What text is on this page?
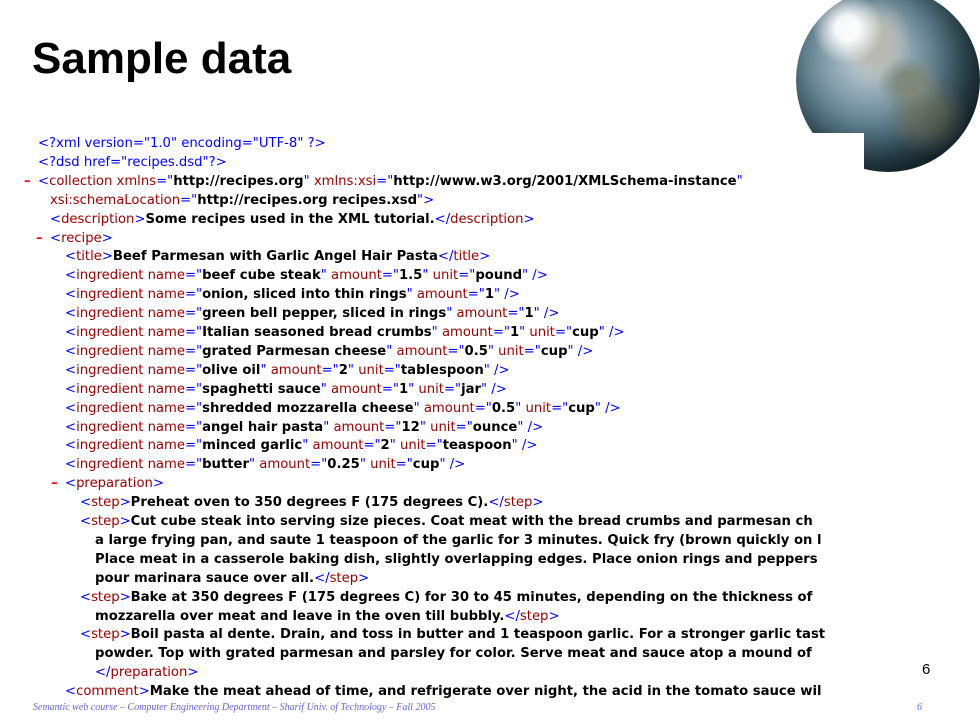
Sample data
<?xml version="1.0" encoding="UTF-8" ?>
<?dsd href="recipes.dsd"?>
<collection xmlns="http://recipes.org" xmlns:xsi="http://www.w3.org/2001/XMLSchema-instance"
–
xsi:schemaLocation="http://recipes.org recipes.xsd">
<description>Some recipes used in the XML tutorial.</description>
<recipe>
–
<title>Beef Parmesan with Garlic Angel Hair Pasta</title>
<ingredient name="beef cube steak" amount="1.5" unit="pound" />
<ingredient name="onion, sliced into thin rings" amount="1" />
<ingredient name="green bell pepper, sliced in rings" amount="1" />
<ingredient name="Italian seasoned bread crumbs" amount="1" unit="cup" />
<ingredient name="grated Parmesan cheese" amount="0.5" unit="cup" />
<ingredient name="olive oil" amount="2" unit="tablespoon" />
<ingredient name="spaghetti sauce" amount="1" unit="jar" />
<ingredient name="shredded mozzarella cheese" amount="0.5" unit="cup" />
<ingredient name="angel hair pasta" amount="12" unit="ounce" />
<ingredient name="minced garlic" amount="2" unit="teaspoon" />
<ingredient name="butter" amount="0.25" unit="cup" />
<preparation>
–
<step>Preheat oven to 350 degrees F (175 degrees C).</step>
<step>Cut cube steak into serving size pieces. Coat meat with the bread crumbs and parmesan ch
a large frying pan, and saute 1 teaspoon of the garlic for 3 minutes. Quick fry (brown quickly on l
Place meat in a casserole baking dish, slightly overlapping edges. Place onion rings and peppers
pour marinara sauce over all.</step>
<step>Bake at 350 degrees F (175 degrees C) for 30 to 45 minutes, depending on the thickness of
mozzarella over meat and leave in the oven till bubbly.</step>
<step>Boil pasta al dente. Drain, and toss in butter and 1 teaspoon garlic. For a stronger garlic tast
powder. Top with grated parmesan and parsley for color. Serve meat and sauce atop a mound of
</preparation>
<comment>Make the meat ahead of time, and refrigerate over night, the acid in the tomato sauce wil
6
Semantic web course – Computer Engineering Department – Sharif Univ. of Technology – Fall 2005	6
